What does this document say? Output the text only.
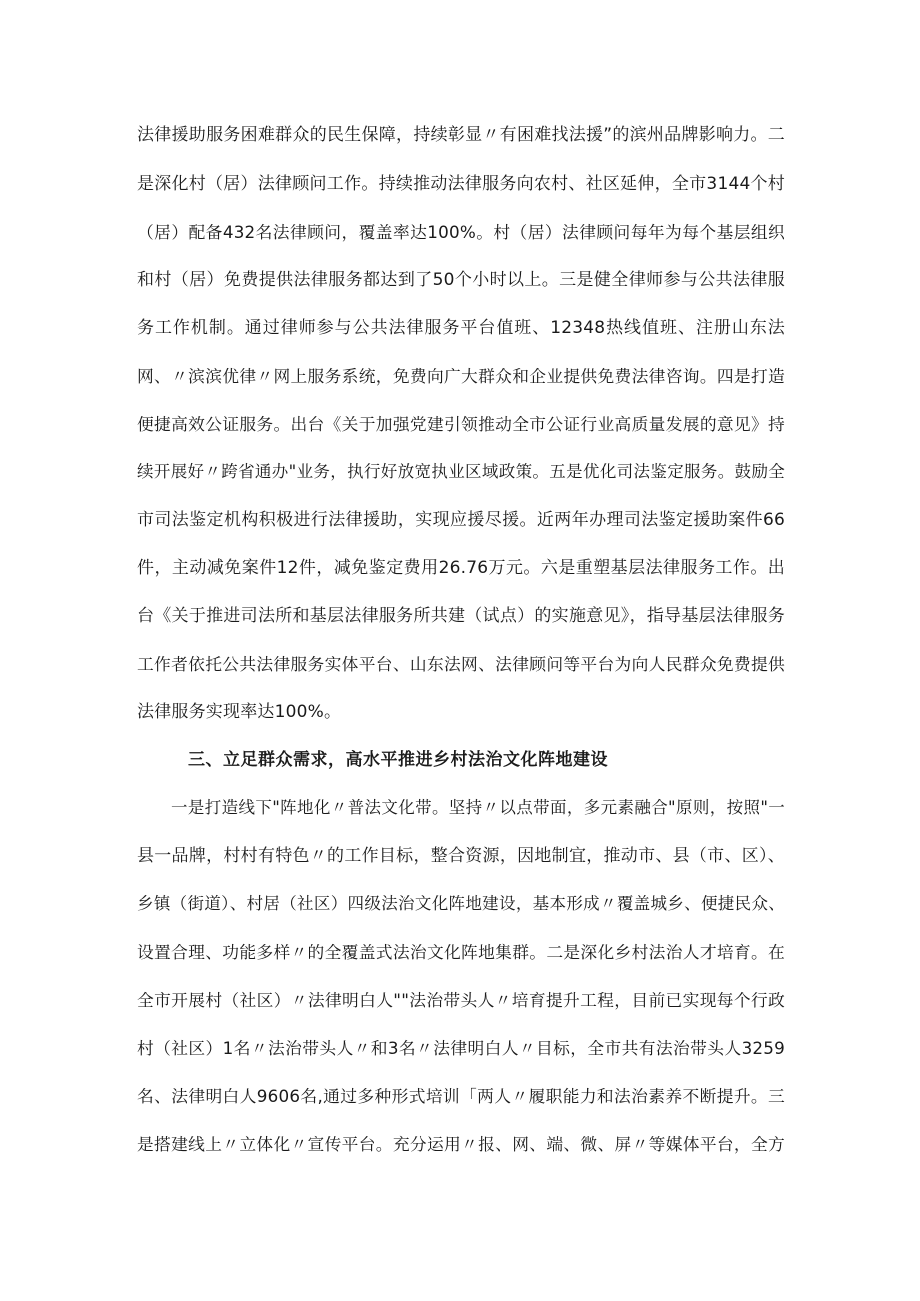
法律援助服务困难群众的民生保障，持续彰显〃有困难找法援”的滨州品牌影响力。二
是深化村（居）法律顾问工作。持续推动法律服务向农村、社区延伸，全市3144个村
（居）配备432名法律顾问，覆盖率达100%。村（居）法律顾问每年为每个基层组织
和村（居）免费提供法律服务都达到了50个小时以上。三是健全律师参与公共法律服
务工作机制。通过律师参与公共法律服务平台值班、12348热线值班、注册山东法
网、〃滨滨优律〃网上服务系统，免费向广大群众和企业提供免费法律咨询。四是打造
便捷高效公证服务。出台《关于加强党建引领推动全市公证行业高质量发展的意见》持
续开展好〃跨省通办"业务，执行好放宽执业区域政策。五是优化司法鉴定服务。鼓励全
市司法鉴定机构积极进行法律援助，实现应援尽援。近两年办理司法鉴定援助案件66
件，主动减免案件12件，减免鉴定费用26.76万元。六是重塑基层法律服务工作。出
台《关于推进司法所和基层法律服务所共建（试点）的实施意见》，指导基层法律服务
工作者依托公共法律服务实体平台、山东法网、法律顾问等平台为向人民群众免费提供
法律服务实现率达100%。
三、立足群众需求，高水平推进乡村法治文化阵地建设
一是打造线下"阵地化〃普法文化带。坚持〃以点带面，多元素融合"原则，按照"一
县一品牌，村村有特色〃的工作目标，整合资源，因地制宜，推动市、县（市、区）、
乡镇（街道）、村居（社区）四级法治文化阵地建设，基本形成〃覆盖城乡、便捷民众、
设置合理、功能多样〃的全覆盖式法治文化阵地集群。二是深化乡村法治人才培育。在
全市开展村（社区）〃法律明白人""法治带头人〃培育提升工程，目前已实现每个行政
村（社区）1名〃法治带头人〃和3名〃法律明白人〃目标，全市共有法治带头人3259
名、法律明白人9606名,通过多种形式培训「两人〃履职能力和法治素养不断提升。三
是搭建线上〃立体化〃宣传平台。充分运用〃报、网、端、微、屏〃等媒体平台，全方
